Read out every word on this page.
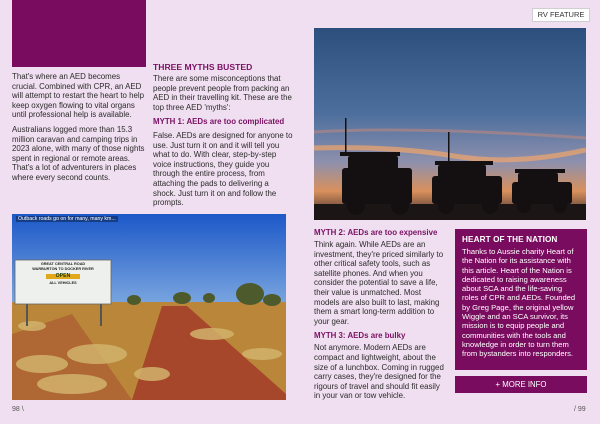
RV FEATURE

That's where an AED becomes crucial. Combined with CPR, an AED will attempt to restart the heart to help keep oxygen flowing to vital organs until professional help is available.

Australians logged more than 15.3 million caravan and camping trips in 2023 alone, with many of those nights spent in regional or remote areas. That's a lot of adventurers in places where every second counts.

THREE MYTHS BUSTED

There are some misconceptions that people prevent people from packing an AED in their travelling kit. These are the top three AED 'myths':

MYTH 1: AEDs are too complicated

False. AEDs are designed for anyone to use. Just turn it on and it will tell you what to do. With clear, step-by-step voice instructions, they guide you through the entire process, from attaching the pads to delivering a shock. Just turn it on and follow the prompts.

GREAT CENTRAL ROAD
WARBURTON TO DOCKER RIVER
OPEN
ALL VEHICLES
Outback roads go on for many, many km...
MYTH 2: AEDs are too expensive

Think again. While AEDs are an investment, they're priced similarly to other critical safety tools, such as satellite phones. And when you consider the potential to save a life, their value is unmatched. Most models are also built to last, making them a smart long-term addition to your gear.

MYTH 3: AEDs are bulky

Not anymore. Modern AEDs are compact and lightweight, about the size of a lunchbox. Coming in rugged carry cases, they're designed for the rigours of travel and should fit easily in your van or tow vehicle.

HEART OF THE NATION

Thanks to Aussie charity Heart of the Nation for its assistance with this article. Heart of the Nation is dedicated to raising awareness about SCA and the life-saving roles of CPR and AEDs. Founded by Greg Page, the original yellow Wiggle and an SCA survivor, its mission is to equip people and communities with the tools and knowledge in order to turn them from bystanders into responders.

+ MORE INFO
98 \	/ 99
